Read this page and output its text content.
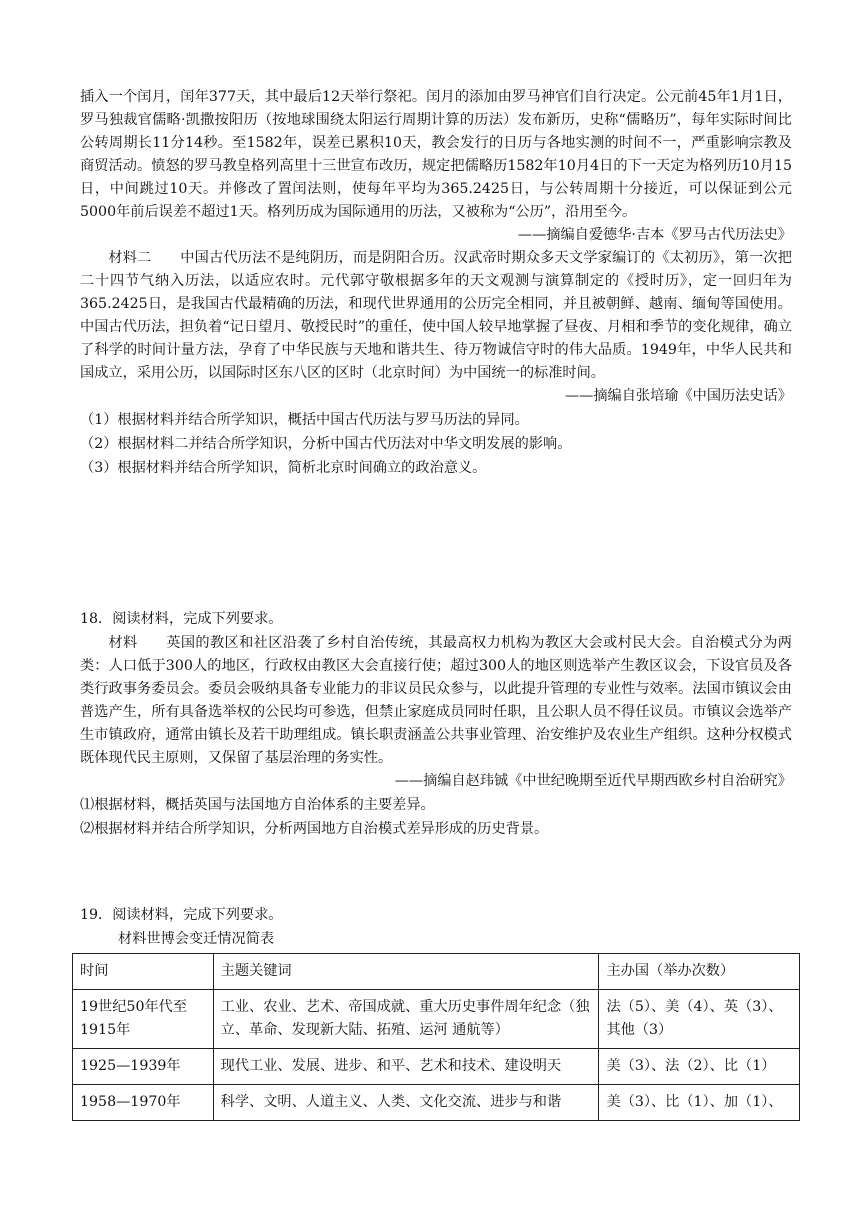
插入一个闰月，闰年377天，其中最后12天举行祭祀。闰月的添加由罗马神官们自行决定。公元前45年1月1日，罗马独裁官儒略·凯撒按阳历（按地球围绕太阳运行周期计算的历法）发布新历，史称“儒略历”，每年实际时间比公转周期长11分14秒。至1582年，误差已累积10天，教会发行的日历与各地实测的时间不一，严重影响宗教及商贸活动。愤怒的罗马教皇格列高里十三世宣布改历，规定把儒略历1582年10月4日的下一天定为格列历10月15日，中间跳过10天。并修改了置闰法则，使每年平均为365.2425日，与公转周期十分接近，可以保证到公元5000年前后误差不超过1天。格列历成为国际通用的历法，又被称为“公历”，沿用至今。

——摘编自爱德华·吉本《罗马古代历法史》

材料二 中国古代历法不是纯阴历，而是阴阳合历。汉武帝时期众多天文学家编订的《太初历》，第一次把二十四节气纳入历法，以适应农时。元代郭守敬根据多年的天文观测与演算制定的《授时历》，定一回归年为365.2425日，是我国古代最精确的历法，和现代世界通用的公历完全相同，并且被朝鲜、越南、缅甸等国使用。中国古代历法，担负着“记日望月、敬授民时”的重任，使中国人较早地掌握了昼夜、月相和季节的变化规律，确立了科学的时间计量方法，孕育了中华民族与天地和谐共生、待万物诚信守时的伟大品质。1949年，中华人民共和国成立，采用公历，以国际时区东八区的区时（北京时间）为中国统一的标准时间。

——摘编自张培瑜《中国历法史话》

（1）根据材料并结合所学知识，概括中国古代历法与罗马历法的异同。

（2）根据材料二并结合所学知识，分析中国古代历法对中华文明发展的影响。

（3）根据材料并结合所学知识，简析北京时间确立的政治意义。

18．阅读材料，完成下列要求。

材料 英国的教区和社区沿袭了乡村自治传统，其最高权力机构为教区大会或村民大会。自治模式分为两类：人口低于300人的地区，行政权由教区大会直接行使；超过300人的地区则选举产生教区议会，下设官员及各类行政事务委员会。委员会吸纳具备专业能力的非议员民众参与，以此提升管理的专业性与效率。法国市镇议会由普选产生，所有具备选举权的公民均可参选，但禁止家庭成员同时任职，且公职人员不得任议员。市镇议会选举产生市镇政府，通常由镇长及若干助理组成。镇长职责涵盖公共事业管理、治安维护及农业生产组织。这种分权模式既体现代民主原则，又保留了基层治理的务实性。

——摘编自赵玮铖《中世纪晚期至近代早期西欧乡村自治研究》

⑴根据材料，概括英国与法国地方自治体系的主要差异。

⑵根据材料并结合所学知识，分析两国地方自治模式差异形成的历史背景。

19．阅读材料，完成下列要求。

材料世博会变迁情况简表

时间	主题关键词	主办国（举办次数）
19世纪50年代至1915年	工业、农业、艺术、帝国成就、重大历史事件周年纪念（独立、革命、发现新大陆、拓殖、运河 通航等）	法（5）、美（4）、英（3）、其他（3）
1925—1939年	现代工业、发展、进步、和平、艺术和技术、建设明天	美（3）、法（2）、比（1）
1958—1970年	科学、文明、人道主义、人类、文化交流、进步与和谐	美（3）、比（1）、加（1）、
